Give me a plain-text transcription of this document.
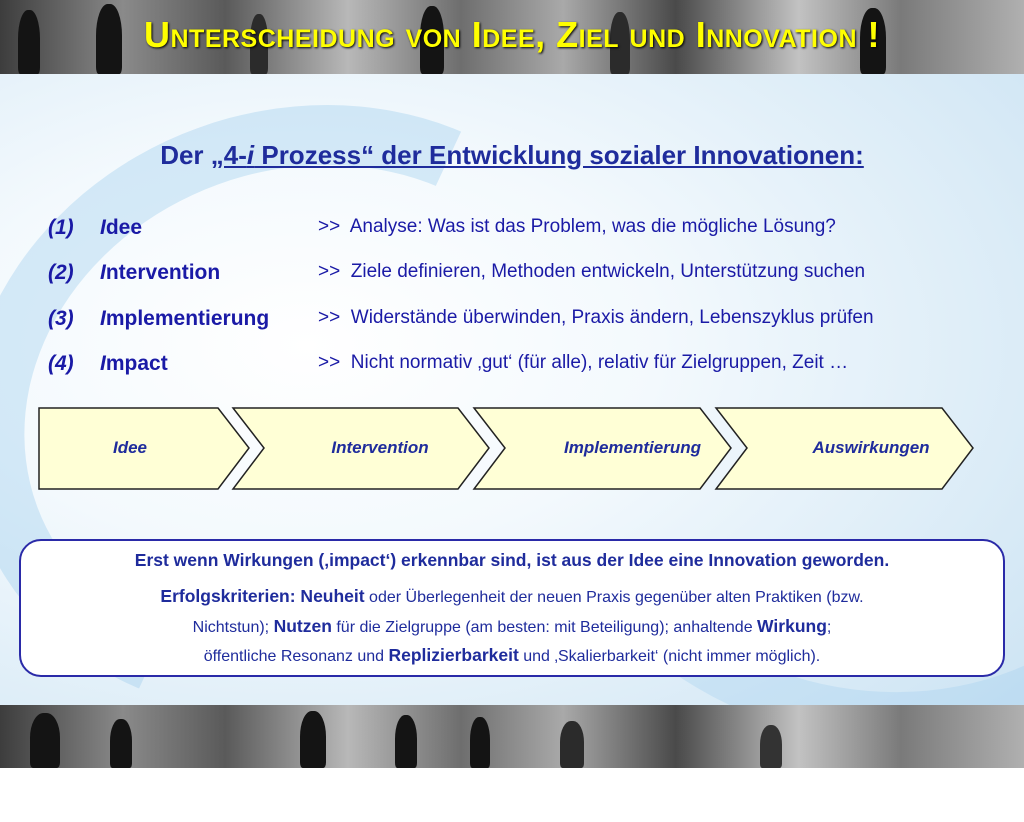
Unterscheidung von Idee, Ziel und Innovation !
Der „4-i Prozess“ der Entwicklung sozialer Innovationen:
(1) Idee	>> Analyse: Was ist das Problem, was die mögliche Lösung?
(2) Intervention	>> Ziele definieren, Methoden entwickeln, Unterstützung suchen
(3) Implementierung	>> Widerstände überwinden, Praxis ändern, Lebenszyklus prüfen
(4) Impact	>> Nicht normativ ‚gut‘ (für alle), relativ für Zielgruppen, Zeit …
Idee	Intervention	Implementierung	Auswirkungen
Erst wenn Wirkungen (‚impact‘) erkennbar sind, ist aus der Idee eine Innovation geworden.
Erfolgskriterien: Neuheit oder Überlegenheit der neuen Praxis gegenüber alten Praktiken (bzw.
Nichtstun); Nutzen für die Zielgruppe (am besten: mit Beteiligung); anhaltende Wirkung;
öffentliche Resonanz und Replizierbarkeit und ‚Skalierbarkeit‘ (nicht immer möglich).
